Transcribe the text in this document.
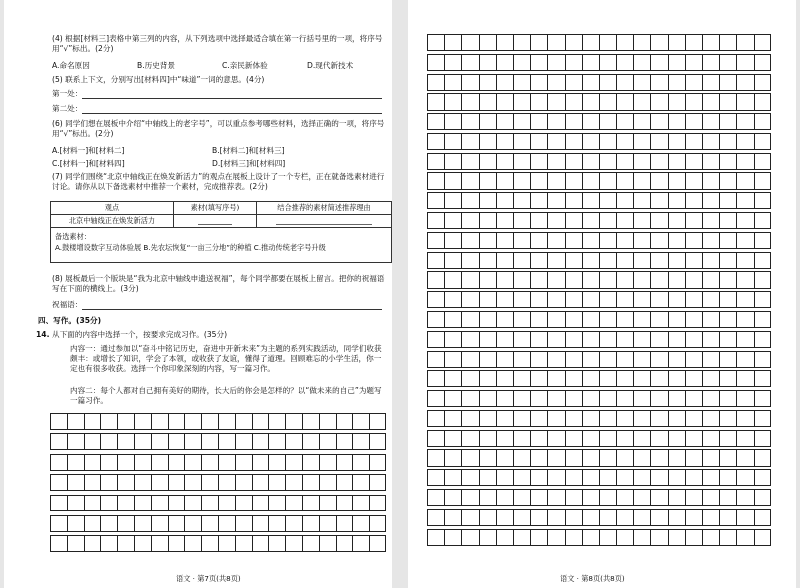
(4) 根据[材料三]表格中第三列的内容，从下列选项中选择最适合填在第一行括号里的一项，将序号用“√”标出。(2分)
A.命名原因	B.历史背景	C.亲民新体验	D.现代新技术
(5) 联系上下文，分别写出[材料四]中“味道”一词的意思。(4分)
第一处：
第二处：
(6) 同学们想在展板中介绍“中轴线上的老字号”，可以重点参考哪些材料，选择正确的一项，将序号用“√”标出。(2分)
A.[材料一]和[材料二]	B.[材料二]和[材料三]
C.[材料一]和[材料四]	D.[材料三]和[材料四]
(7) 同学们围绕“北京中轴线正在焕发新活力”的观点在展板上设计了一个专栏，正在就备选素材进行讨论。请你从以下备选素材中推荐一个素材，完成推荐表。(2分)
观点	素材(填写序号)	结合推荐的素材简述推荐理由
北京中轴线正在焕发新活力		

备选素材：
A.鼓楼增设数字互动体验展 B.先农坛恢复“一亩三分地”的种植 C.推动传统老字号升级		
(8) 展板最后一个版块是“我为北京中轴线申遗送祝福”，每个同学都要在展板上留言。把你的祝福语写在下面的横线上。(3分)
祝福语：
四、写作。(35分)
14. 从下面的内容中选择一个，按要求完成习作。(35分)
内容一：通过参加以“奋斗中铭记历史，奋进中开新未来”为主题的系列实践活动，同学们收获颇丰：或增长了知识，学会了本领，或收获了友谊，懂得了道理。回顾难忘的小学生活，你一定也有很多收获。选择一个你印象深刻的内容，写一篇习作。
内容二：每个人都对自己拥有美好的期待，长大后的你会是怎样的？以“做未来的自己”为题写一篇习作。
语文 · 第7页(共8页)	语文 · 第8页(共8页)
